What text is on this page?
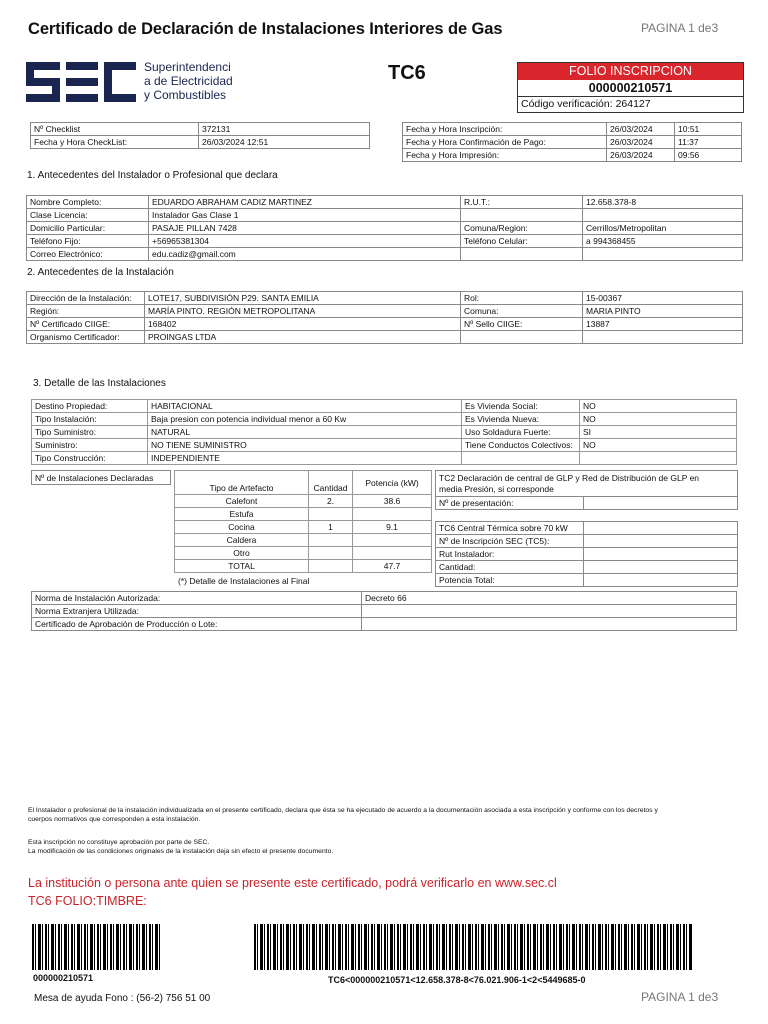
Certificado de Declaración de Instalaciones Interiores de Gas	PAGINA 1 de3
Superintendenci
a de Electricidad
y Combustibles
TC6	FOLIO INSCRIPCION
000000210571
Código verificación: 264127
Nº Checklist	372131
Fecha y Hora CheckList:	26/03/2024 12:51
Fecha y Hora Inscripción:	26/03/2024	10:51
Fecha y Hora Confirmación de Pago:	26/03/2024	11:37
Fecha y Hora Impresión:	26/03/2024	09:56
1. Antecedentes del Instalador o Profesional que declara
Nombre Completo:	EDUARDO ABRAHAM CADIZ MARTINEZ	R.U.T.:	12.658.378-8
Clase Licencia:	Instalador Gas Clase 1		
Domicilio Particular:	PASAJE PILLAN 7428	Comuna/Region:	Cerrillos/Metropolitan
Teléfono Fijo:	+56965381304	Teléfono Celular:	a 994368455
Correo Electrónico:	edu.cadiz@gmail.com		
2. Antecedentes de la Instalación
Dirección de la Instalación:	LOTE17, SUBDIVISIÓN P29. SANTA EMILIA	Rol:	15-00367
Región:	MARÍA PINTO. REGIÓN METROPOLITANA	Comuna:	MARIA PINTO
Nº Certificado CIIGE:	168402	Nº Sello CIIGE:	13887
Organismo Certificador:	PROINGAS LTDA		
3. Detalle de las Instalaciones
Destino Propiedad:	HABITACIONAL	Es Vivienda Social:	NO
Tipo Instalación:	Baja presion con potencia individual menor a 60 Kw	Es Vivienda Nueva:	NO
Tipo Suministro:	NATURAL	Uso Soldadura Fuerte:	SI
Suministro:	NO TIENE SUMINISTRO	Tiene Conductos Colectivos:	NO
Tipo Construcción:	INDEPENDIENTE		
Nº de Instalaciones Declaradas
Tipo de Artefacto	Cantidad	Potencia (kW)
Calefont	2.	38.6
Estufa		
Cocina	1	9.1
Caldera		
Otro		
TOTAL		47.7
(*) Detalle de Instalaciones al Final
TC2 Declaración de central de GLP y Red de Distribución de GLP en
media Presión, si corresponde
Nº de presentación:	
TC6 Central Térmica sobre 70 kW	
Nº de Inscripción SEC (TC5):	
Rut Instalador:	
Cantidad:	
Potencia Total:	
Norma de Instalación Autorizada:	Decreto 66
Norma Extranjera Utilizada:	
Certificado de Aprobación de Producción o Lote:	
El Instalador o profesional de la instalación individualizada en el presente certificado, declara que ésta se ha ejecutado de acuerdo a la documentación asociada a esta inscripción y conforme con los decretos y
cuerpos normativos que corresponden a esta instalación.
Esta inscripción no constituye aprobación por parte de SEC.
La modificación de las condiciones originales de la instalación deja sin efecto el presente documento.
La institución o persona ante quien se presente este certificado, podrá verificarlo en www.sec.cl
TC6 FOLIO:TIMBRE:
000000210571	TC6<000000210571<12.658.378-8<76.021.906-1<2<5449685-0
Mesa de ayuda Fono : (56-2) 756 51 00	PAGINA 1 de3
